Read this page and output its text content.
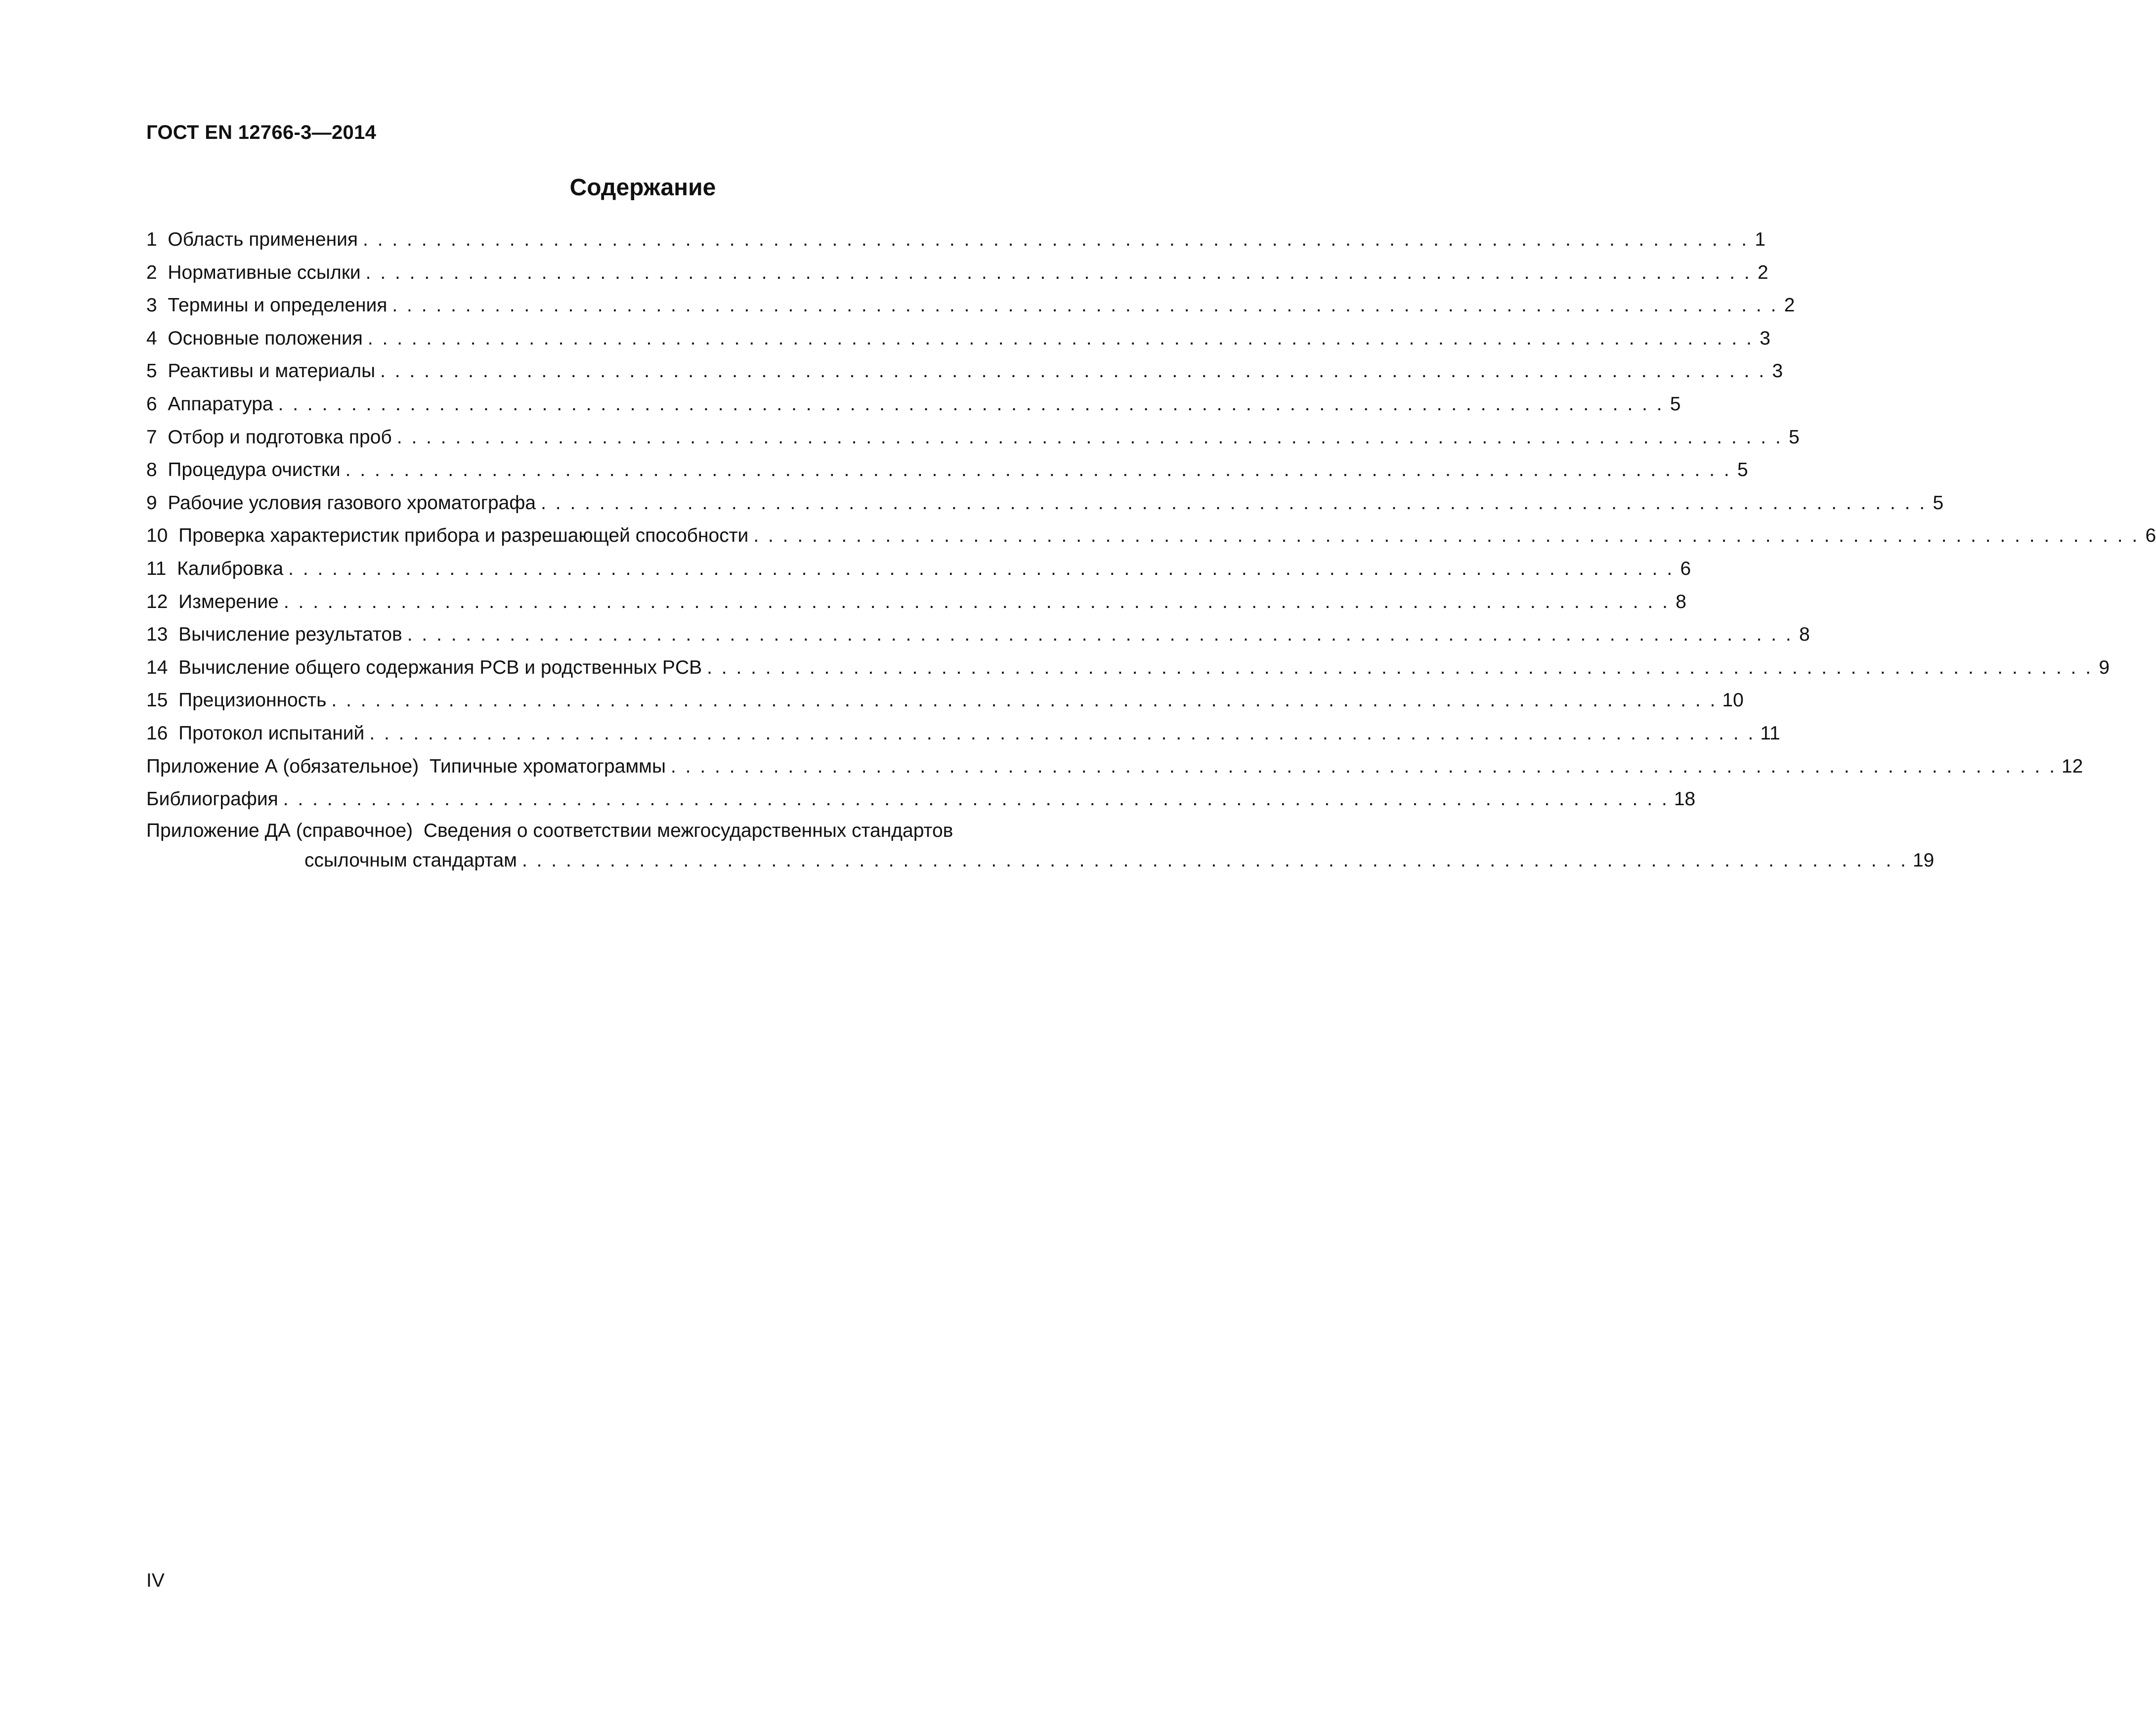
ГОСТ EN 12766-3—2014
Содержание
1 Область применения . . . . . . . . . . . . . . . . . . . . . . . . . . . . . . . . . . . . . . . . . . . . . . . . . . . . . . . . . . . . . . . . . . . . . . . . . . . . . . . . . . . . . . . . . . . . . . . 1
2 Нормативные ссылки . . . . . . . . . . . . . . . . . . . . . . . . . . . . . . . . . . . . . . . . . . . . . . . . . . . . . . . . . . . . . . . . . . . . . . . . . . . . . . . . . . . . . . . . . . . . . . . 2
3 Термины и определения . . . . . . . . . . . . . . . . . . . . . . . . . . . . . . . . . . . . . . . . . . . . . . . . . . . . . . . . . . . . . . . . . . . . . . . . . . . . . . . . . . . . . . . . . . . . . . . 2
4 Основные положения . . . . . . . . . . . . . . . . . . . . . . . . . . . . . . . . . . . . . . . . . . . . . . . . . . . . . . . . . . . . . . . . . . . . . . . . . . . . . . . . . . . . . . . . . . . . . . . 3
5 Реактивы и материалы . . . . . . . . . . . . . . . . . . . . . . . . . . . . . . . . . . . . . . . . . . . . . . . . . . . . . . . . . . . . . . . . . . . . . . . . . . . . . . . . . . . . . . . . . . . . . . . 3
6 Аппаратура . . . . . . . . . . . . . . . . . . . . . . . . . . . . . . . . . . . . . . . . . . . . . . . . . . . . . . . . . . . . . . . . . . . . . . . . . . . . . . . . . . . . . . . . . . . . . . . 5
7 Отбор и подготовка проб . . . . . . . . . . . . . . . . . . . . . . . . . . . . . . . . . . . . . . . . . . . . . . . . . . . . . . . . . . . . . . . . . . . . . . . . . . . . . . . . . . . . . . . . . . . . . . . 5
8 Процедура очистки . . . . . . . . . . . . . . . . . . . . . . . . . . . . . . . . . . . . . . . . . . . . . . . . . . . . . . . . . . . . . . . . . . . . . . . . . . . . . . . . . . . . . . . . . . . . . . . 5
9 Рабочие условия газового хроматографа . . . . . . . . . . . . . . . . . . . . . . . . . . . . . . . . . . . . . . . . . . . . . . . . . . . . . . . . . . . . . . . . . . . . . . . . . . . . . . . . . . . . . . . . . . . . . . . 5
10 Проверка характеристик прибора и разрешающей способности . . . . . . . . . . . . . . . . . . . . . . . . . . . . . . . . . . . . . . . . . . . . . . . . . . . . . . . . . . . . . . . . . . . . . . . . . . . . . . . . . . . . . . . . . . . . . . . 6
11 Калибровка . . . . . . . . . . . . . . . . . . . . . . . . . . . . . . . . . . . . . . . . . . . . . . . . . . . . . . . . . . . . . . . . . . . . . . . . . . . . . . . . . . . . . . . . . . . . . . . 6
12 Измерение . . . . . . . . . . . . . . . . . . . . . . . . . . . . . . . . . . . . . . . . . . . . . . . . . . . . . . . . . . . . . . . . . . . . . . . . . . . . . . . . . . . . . . . . . . . . . . . 8
13 Вычисление результатов . . . . . . . . . . . . . . . . . . . . . . . . . . . . . . . . . . . . . . . . . . . . . . . . . . . . . . . . . . . . . . . . . . . . . . . . . . . . . . . . . . . . . . . . . . . . . . . 8
14 Вычисление общего содержания PCB и родственных PCB . . . . . . . . . . . . . . . . . . . . . . . . . . . . . . . . . . . . . . . . . . . . . . . . . . . . . . . . . . . . . . . . . . . . . . . . . . . . . . . . . . . . . . . . . . . . . . . 9
15 Прецизионность . . . . . . . . . . . . . . . . . . . . . . . . . . . . . . . . . . . . . . . . . . . . . . . . . . . . . . . . . . . . . . . . . . . . . . . . . . . . . . . . . . . . . . . . . . . . . . . 10
16 Протокол испытаний . . . . . . . . . . . . . . . . . . . . . . . . . . . . . . . . . . . . . . . . . . . . . . . . . . . . . . . . . . . . . . . . . . . . . . . . . . . . . . . . . . . . . . . . . . . . . . . 11
Приложение А (обязательное)  Типичные хроматограммы . . . . . . . . . . . . . . . . . . . . . . . . . . . . . . . . . . . . . . . . . . . . . . . . . . . . . . . . . . . . . . . . . . . . . . . . . . . . . . . . . . . . . . . . . . . . . . . 12
Библиография . . . . . . . . . . . . . . . . . . . . . . . . . . . . . . . . . . . . . . . . . . . . . . . . . . . . . . . . . . . . . . . . . . . . . . . . . . . . . . . . . . . . . . . . . . . . . . . 18
Приложение ДА (справочное)  Сведения о соответствии межгосударственных стандартов
ссылочным стандартам . . . . . . . . . . . . . . . . . . . . . . . . . . . . . . . . . . . . . . . . . . . . . . . . . . . . . . . . . . . . . . . . . . . . . . . . . . . . . . . . . . . . . . . . . . . . . . . 19
IV
